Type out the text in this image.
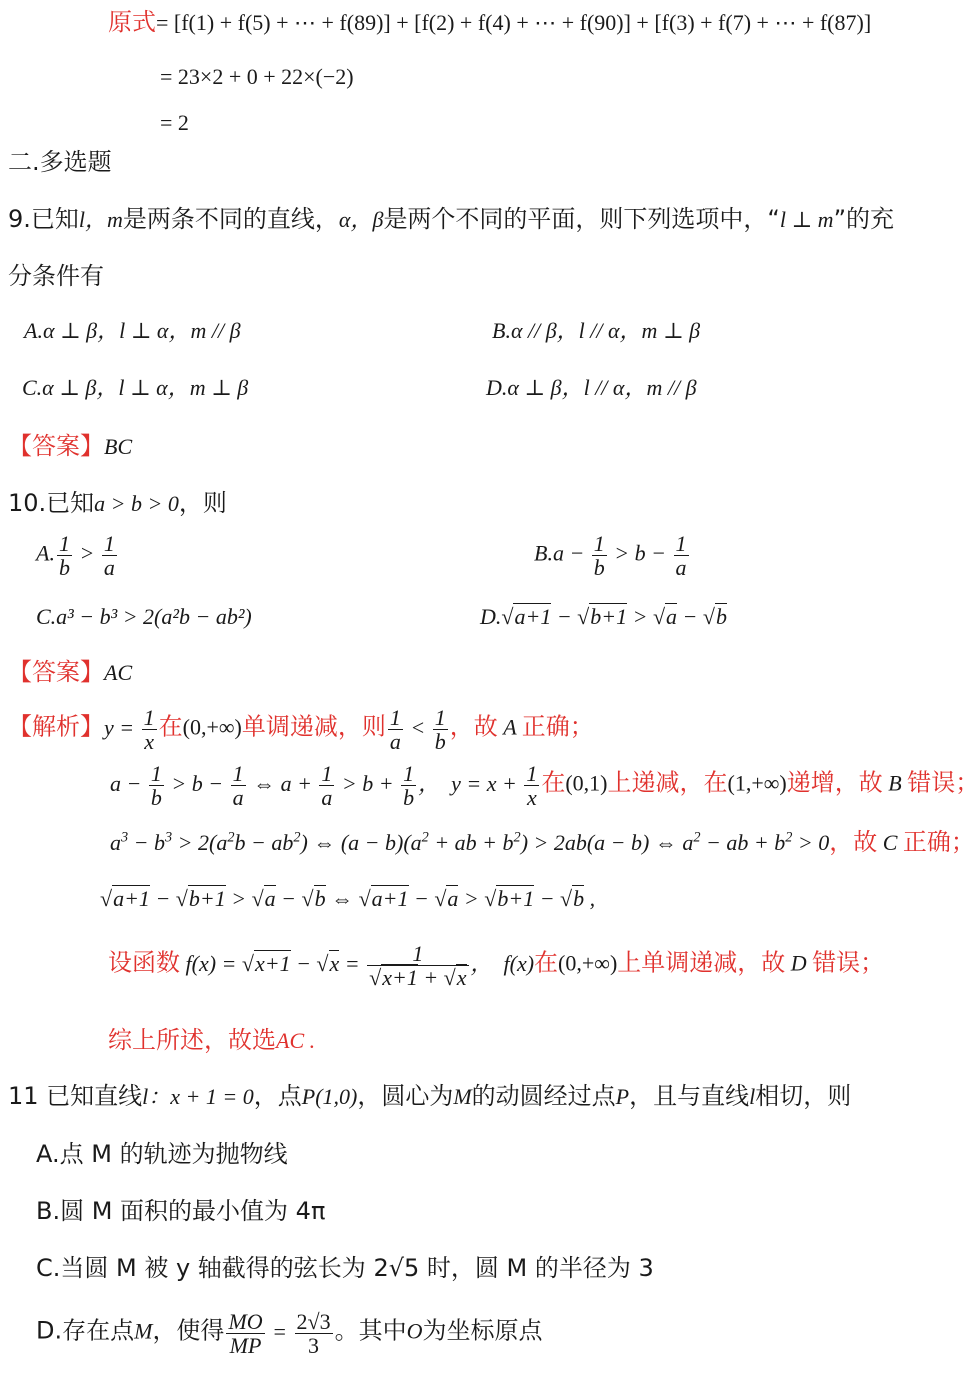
原式= [f(1) + f(5) + ⋯ + f(89)] + [f(2) + f(4) + ⋯ + f(90)] + [f(3) + f(7) + ⋯ + f(87)]
= 23×2 + 0 + 22×(−2)
= 2
二.多选题
9.已知l，m是两条不同的直线，α，β是两个不同的平面，则下列选项中，“l ⊥ m”的充
分条件有
A.α ⊥ β，l ⊥ α，m // β	B.α // β，l // α，m ⊥ β
C.α ⊥ β，l ⊥ α，m ⊥ β	D.α ⊥ β，l // α，m // β
【答案】BC
10.已知a > b > 0，则
A. $\frac{1}{b} > \frac{1}{a}$	$B.a - \frac{1}{b} > b - \frac{1}{a}$
C.a³ − b³ > 2(a²b − ab²)	D.√a+1 − √b+1 > √a − √b
【答案】AC
【解析】$y = \frac{1}{x}$ 在(0,+∞)单调递减，则 $\frac{1}{a} < \frac{1}{b}$ ，故 A 正确；
$a - \frac{1}{b} > b - \frac{1}{a}$ ⇔ $a + \frac{1}{a} > b + \frac{1}{b}$ ，  $y = x + \frac{1}{x}$ 在(0,1)上递减，在(1,+∞)递增，故 B 错误；
$a^3 - b^3 > 2(a^2b - ab^2)$ ⇔ $(a - b)(a^2$ + ab + $b^2) > 2ab(a - b)$ ⇔ $a^2$ − ab + $b^2 > 0$，故 C 正确；
√a+1 − √b+1 > √a − √b ⇔ √a+1 − √a > √b+1 − √b ,
设函数 $f(x) = √x+1 - √x = \frac{1}{√x+1 + √x}$ ，  f(x)在(0,+∞)上单调递减，故 D 错误；
综上所述，故选AC .
11 已知直线l：x + 1 = 0，点P(1,0)，圆心为M的动圆经过点P，且与直线l相切，则
A.点 M 的轨迹为抛物线
B.圆 M 面积的最小值为 4π
C.当圆 M 被 y 轴截得的弦长为 2√5 时，圆 M 的半径为 3
D.存在点M，使得 $\frac{MO}{MP} = \frac{2√3}{3}$ 。其中O为坐标原点
